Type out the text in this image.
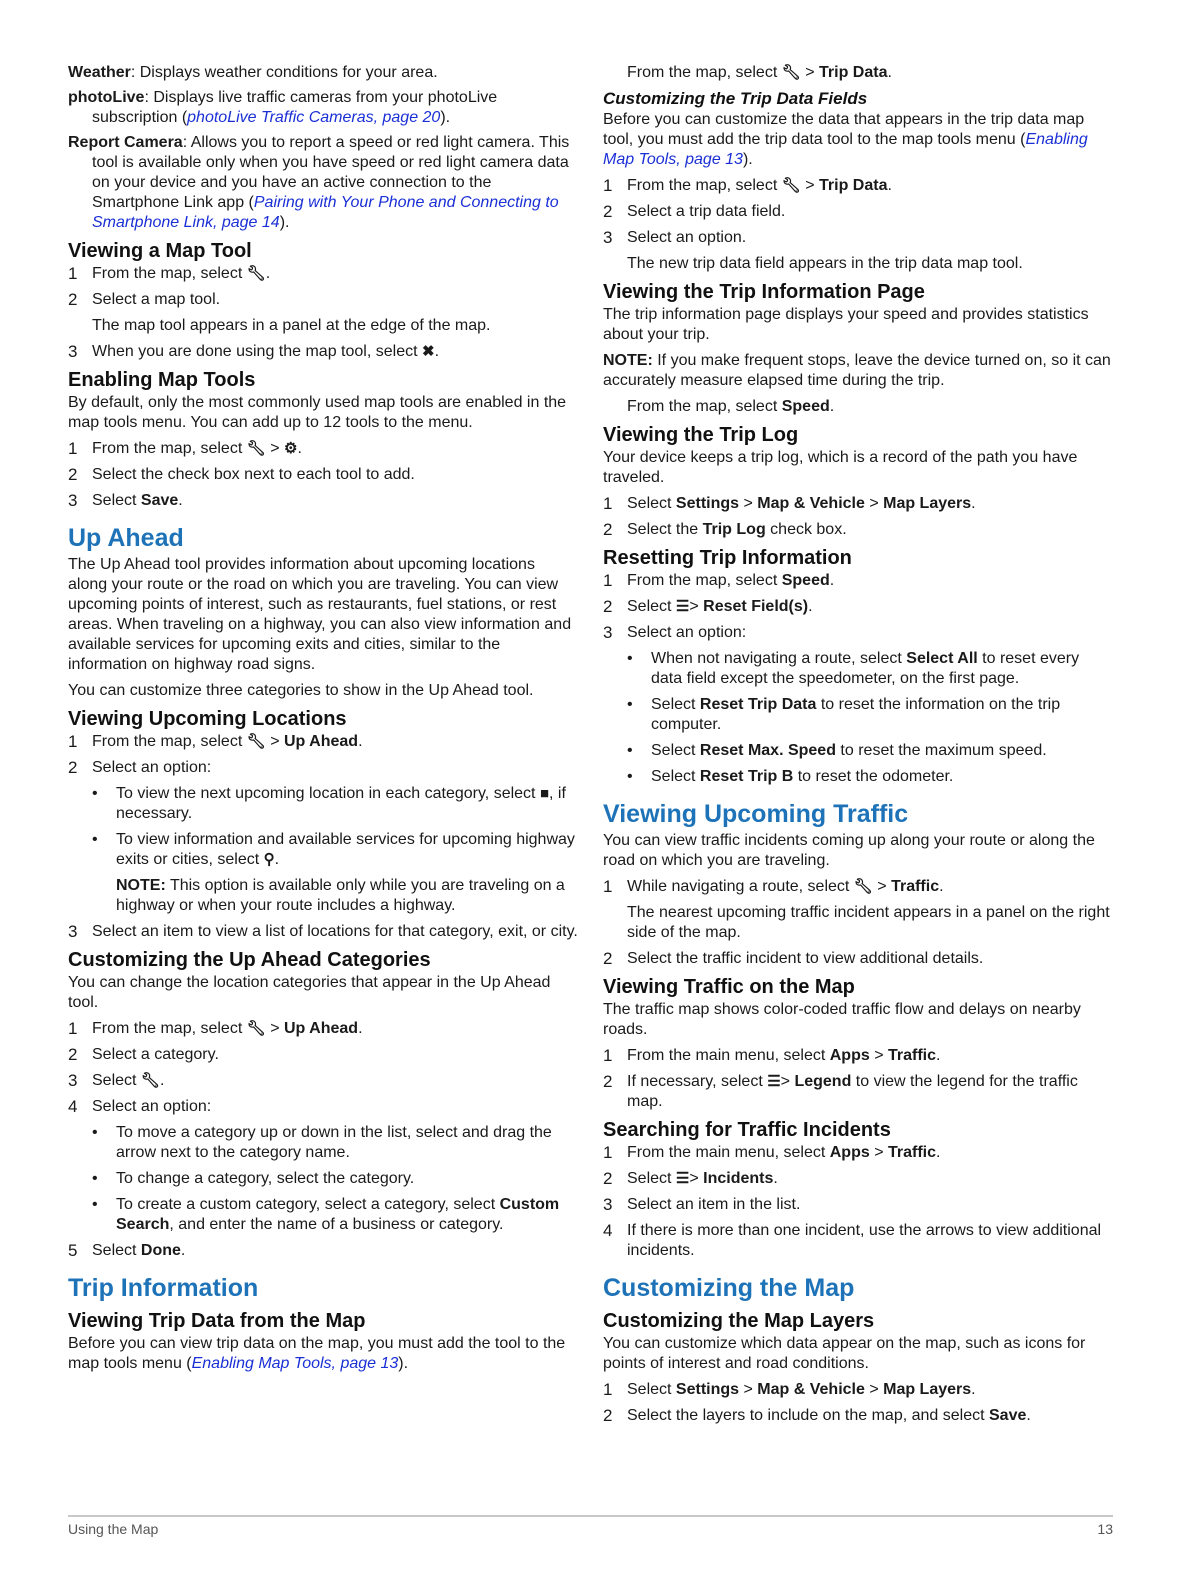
Weather: Displays weather conditions for your area.

photoLive: Displays live traffic cameras from your photoLive subscription (photoLive Traffic Cameras, page 20).

Report Camera: Allows you to report a speed or red light camera. This tool is available only when you have speed or red light camera data on your device and you have an active connection to the Smartphone Link app (Pairing with Your Phone and Connecting to Smartphone Link, page 14).

Viewing a Map Tool
1 From the map, select 🔧︎.
2 Select a map tool.
The map tool appears in a panel at the edge of the map.
3 When you are done using the map tool, select ✖.
Enabling Map Tools

By default, only the most commonly used map tools are enabled in the map tools menu. You can add up to 12 tools to the menu.

1 From the map, select 🔧︎ > ⚙.
2 Select the check box next to each tool to add.
3 Select Save.
Up Ahead

The Up Ahead tool provides information about upcoming locations along your route or the road on which you are traveling. You can view upcoming points of interest, such as restaurants, fuel stations, or rest areas. When traveling on a highway, you can also view information and available services for upcoming exits and cities, similar to the information on highway road signs.

You can customize three categories to show in the Up Ahead tool.

Viewing Upcoming Locations
1 From the map, select 🔧︎ > Up Ahead.
2 Select an option:
•	To view the next upcoming location in each category, select ■, if necessary.
•	To view information and available services for upcoming highway exits or cities, select ⚲.
NOTE: This option is available only while you are traveling on a highway or when your route includes a highway.
3 Select an item to view a list of locations for that category, exit, or city.
Customizing the Up Ahead Categories

You can change the location categories that appear in the Up Ahead tool.

1 From the map, select 🔧︎ > Up Ahead.
2 Select a category.
3 Select 🔧︎.
4 Select an option:
•	To move a category up or down in the list, select and drag the arrow next to the category name.
•	To change a category, select the category.
•	To create a custom category, select a category, select Custom Search, and enter the name of a business or category.
5 Select Done.
Trip Information
Viewing Trip Data from the Map

Before you can view trip data on the map, you must add the tool to the map tools menu (Enabling Map Tools, page 13).

From the map, select 🔧︎ > Trip Data.
Customizing the Trip Data Fields

Before you can customize the data that appears in the trip data map tool, you must add the trip data tool to the map tools menu (Enabling Map Tools, page 13).

1 From the map, select 🔧︎ > Trip Data.
2 Select a trip data field.
3 Select an option.
The new trip data field appears in the trip data map tool.
Viewing the Trip Information Page

The trip information page displays your speed and provides statistics about your trip.

NOTE: If you make frequent stops, leave the device turned on, so it can accurately measure elapsed time during the trip.

From the map, select Speed.
Viewing the Trip Log

Your device keeps a trip log, which is a record of the path you have traveled.

1 Select Settings > Map & Vehicle > Map Layers.
2 Select the Trip Log check box.
Resetting Trip Information
1 From the map, select Speed.
2 Select ☰> Reset Field(s).
3 Select an option:
•	When not navigating a route, select Select All to reset every data field except the speedometer, on the first page.
•	Select Reset Trip Data to reset the information on the trip computer.
•	Select Reset Max. Speed to reset the maximum speed.
•	Select Reset Trip B to reset the odometer.
Viewing Upcoming Traffic

You can view traffic incidents coming up along your route or along the road on which you are traveling.

1 While navigating a route, select 🔧︎ > Traffic.
The nearest upcoming traffic incident appears in a panel on the right side of the map.
2 Select the traffic incident to view additional details.
Viewing Traffic on the Map

The traffic map shows color-coded traffic flow and delays on nearby roads.

1 From the main menu, select Apps > Traffic.
2 If necessary, select ☰> Legend to view the legend for the traffic map.
Searching for Traffic Incidents
1 From the main menu, select Apps > Traffic.
2 Select ☰> Incidents.
3 Select an item in the list.
4 If there is more than one incident, use the arrows to view additional incidents.
Customizing the Map
Customizing the Map Layers

You can customize which data appear on the map, such as icons for points of interest and road conditions.

1 Select Settings > Map & Vehicle > Map Layers.
2 Select the layers to include on the map, and select Save.
Using the Map	13
